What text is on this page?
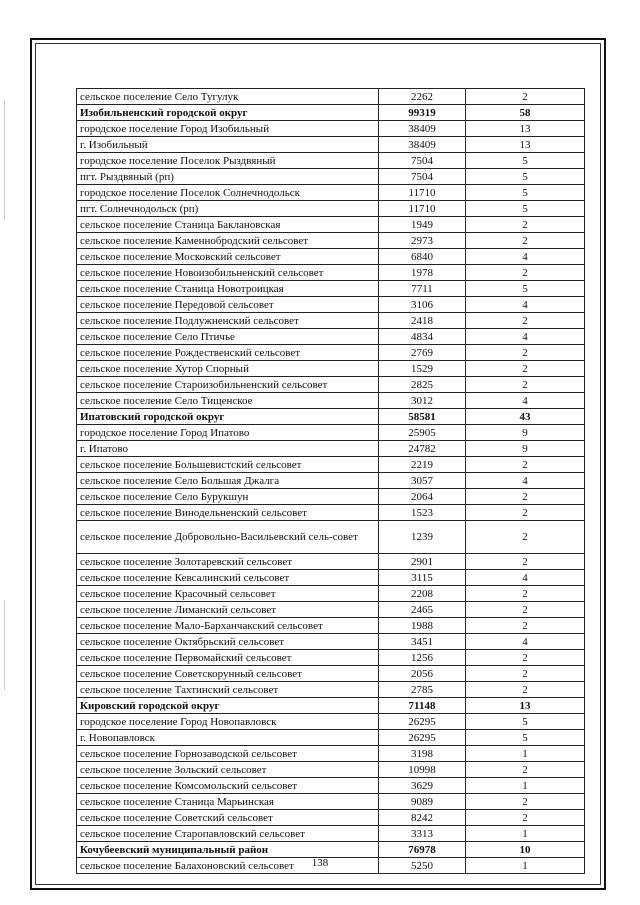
сельское поселение Село Тугулук	2262	2
Изобильненский городской округ	99319	58
городское поселение Город Изобильный	38409	13
г. Изобильный	38409	13
городское поселение Поселок Рыздвяный	7504	5
пгт. Рыздвяный (рп)	7504	5
городское поселение Поселок Солнечнодольск	11710	5
пгт. Солнечнодольск (рп)	11710	5
сельское поселение Станица Баклановская	1949	2
сельское поселение Каменнобродский сельсовет	2973	2
сельское поселение Московский сельсовет	6840	4
сельское поселение Новоизобильненский сельсовет	1978	2
сельское поселение Станица Новотроицкая	7711	5
сельское поселение Передовой сельсовет	3106	4
сельское поселение Подлужненский сельсовет	2418	2
сельское поселение Село Птичье	4834	4
сельское поселение Рождественский сельсовет	2769	2
сельское поселение Хутор Спорный	1529	2
сельское поселение Староизобильненский сельсовет	2825	2
сельское поселение Село Тищенское	3012	4
Ипатовский городской округ	58581	43
городское поселение Город Ипатово	25905	9
г. Ипатово	24782	9
сельское поселение Большевистский сельсовет	2219	2
сельское поселение Село Большая Джалга	3057	4
сельское поселение Село Бурукшун	2064	2
сельское поселение Винодельненский сельсовет	1523	2
сельское поселение Добровольно-Васильевский сель-совет	1239	2
сельское поселение Золотаревский сельсовет	2901	2
сельское поселение Кевсалинский сельсовет	3115	4
сельское поселение Красочный сельсовет	2208	2
сельское поселение Лиманский сельсовет	2465	2
сельское поселение Мало-Барханчакский сельсовет	1988	2
сельское поселение Октябрьский сельсовет	3451	4
сельское поселение Первомайский сельсовет	1256	2
сельское поселение Советскорунный сельсовет	2056	2
сельское поселение Тахтинский сельсовет	2785	2
Кировский городской округ	71148	13
городское поселение Город Новопавловск	26295	5
г. Новопавловск	26295	5
сельское поселение Горнозаводской сельсовет	3198	1
сельское поселение Зольский сельсовет	10998	2
сельское поселение Комсомольский сельсовет	3629	1
сельское поселение Станица Марьинская	9089	2
сельское поселение Советский сельсовет	8242	2
сельское поселение Старопавловский сельсовет	3313	1
Кочубеевский муниципальный район	76978	10
сельское поселение Балахоновский сельсовет	5250	1
138
